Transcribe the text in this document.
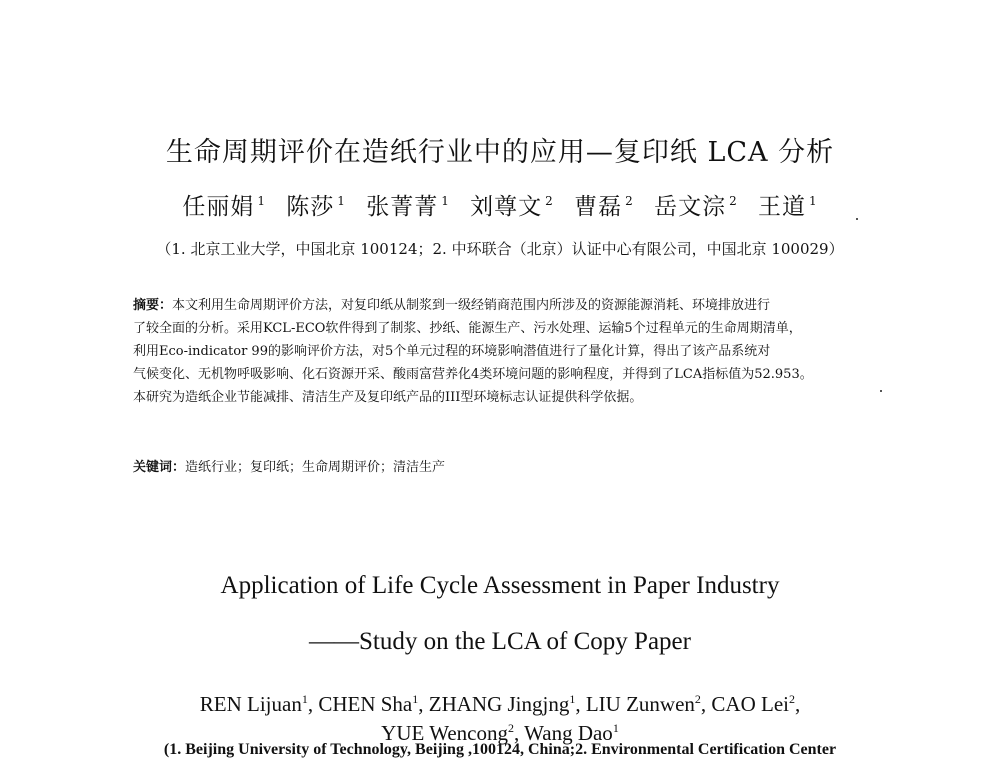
生命周期评价在造纸行业中的应用—复印纸 LCA 分析
任丽娟 $^1$ 陈莎 $^1$ 张菁菁 $^1$ 刘尊文 $^2$ 曹磊 $^2$ 岳文淙 $^2$ 王道 $^1$
（1. 北京工业大学，中国北京 100124；2. 中环联合（北京）认证中心有限公司，中国北京 100029）
摘要：本文利用生命周期评价方法，对复印纸从制浆到一级经销商范围内所涉及的资源能源消耗、环境排放进行
了较全面的分析。采用KCL-ECO软件得到了制浆、抄纸、能源生产、污水处理、运输5个过程单元的生命周期清单，
利用Eco-indicator 99的影响评价方法，对5个单元过程的环境影响潜值进行了量化计算，得出了该产品系统对
气候变化、无机物呼吸影响、化石资源开采、酸雨富营养化4类环境问题的影响程度，并得到了LCA指标值为52.953。
本研究为造纸企业节能减排、清洁生产及复印纸产品的III型环境标志认证提供科学依据。
关键词：造纸行业；复印纸；生命周期评价；清洁生产
Application of Life Cycle Assessment in Paper Industry
——Study on the LCA of Copy Paper
REN Lijuan$^1$, CHEN Sha$^1$, ZHANG Jingjng$^1$, LIU Zunwen$^2$, CAO Lei$^2$,
YUE Wencong$^2$, Wang Dao$^1$
(1. Beijing University of Technology, Beijing ,100124, China;2. Environmental Certification Center
